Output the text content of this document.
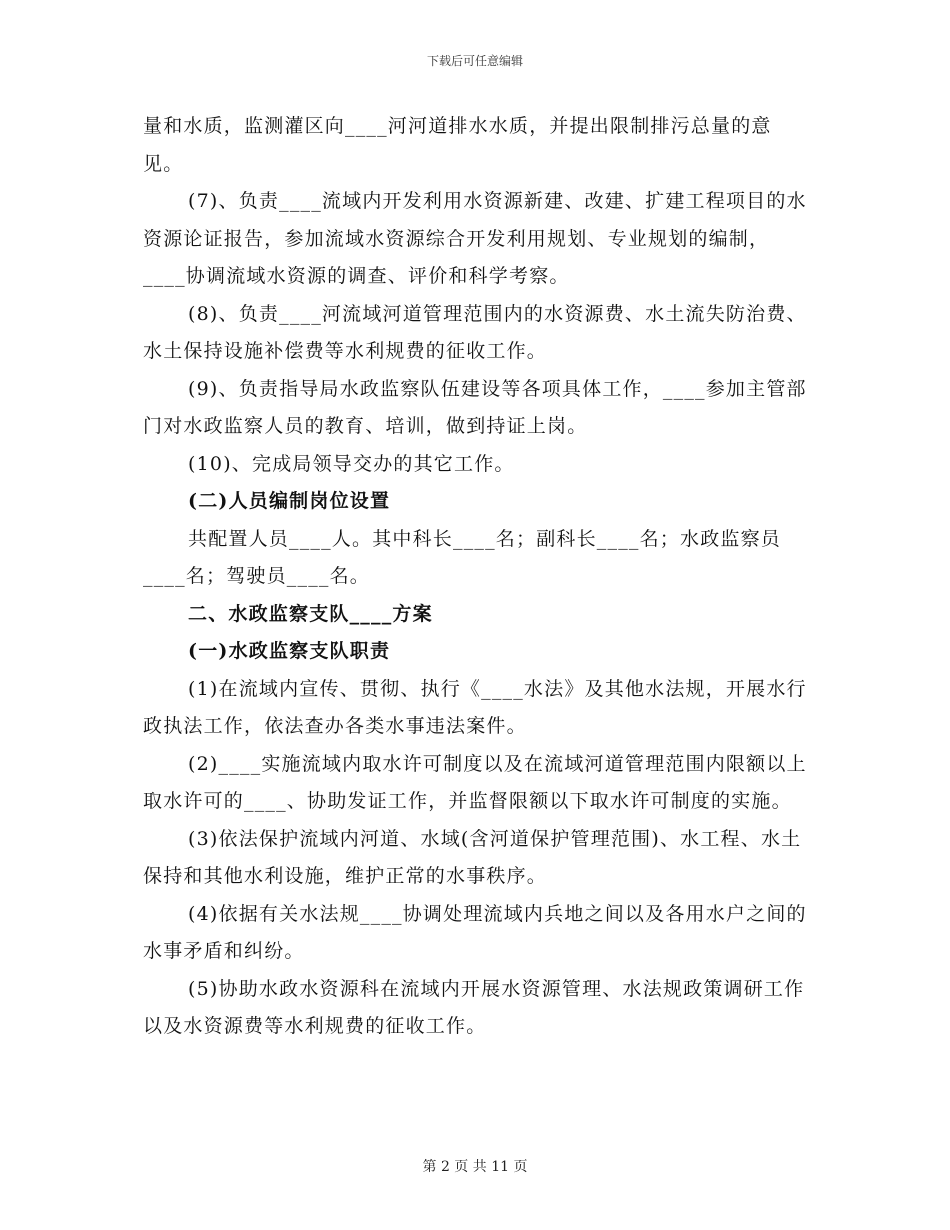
下载后可任意编辑

量和水质，监测灌区向____河河道排水水质，并提出限制排污总量的意见。

(7)、负责____流域内开发利用水资源新建、改建、扩建工程项目的水资源论证报告，参加流域水资源综合开发利用规划、专业规划的编制，____协调流域水资源的调查、评价和科学考察。

(8)、负责____河流域河道管理范围内的水资源费、水土流失防治费、水土保持设施补偿费等水利规费的征收工作。

(9)、负责指导局水政监察队伍建设等各项具体工作，____参加主管部门对水政监察人员的教育、培训，做到持证上岗。

(10)、完成局领导交办的其它工作。

(二)人员编制岗位设置

共配置人员____人。其中科长____名；副科长____名；水政监察员____名；驾驶员____名。

二、水政监察支队____方案

(一)水政监察支队职责

(1)在流域内宣传、贯彻、执行《____水法》及其他水法规，开展水行政执法工作，依法查办各类水事违法案件。

(2)____实施流域内取水许可制度以及在流域河道管理范围内限额以上取水许可的____、协助发证工作，并监督限额以下取水许可制度的实施。

(3)依法保护流域内河道、水域(含河道保护管理范围)、水工程、水土保持和其他水利设施，维护正常的水事秩序。

(4)依据有关水法规____协调处理流域内兵地之间以及各用水户之间的水事矛盾和纠纷。

(5)协助水政水资源科在流域内开展水资源管理、水法规政策调研工作以及水资源费等水利规费的征收工作。

第 2 页 共 11 页
